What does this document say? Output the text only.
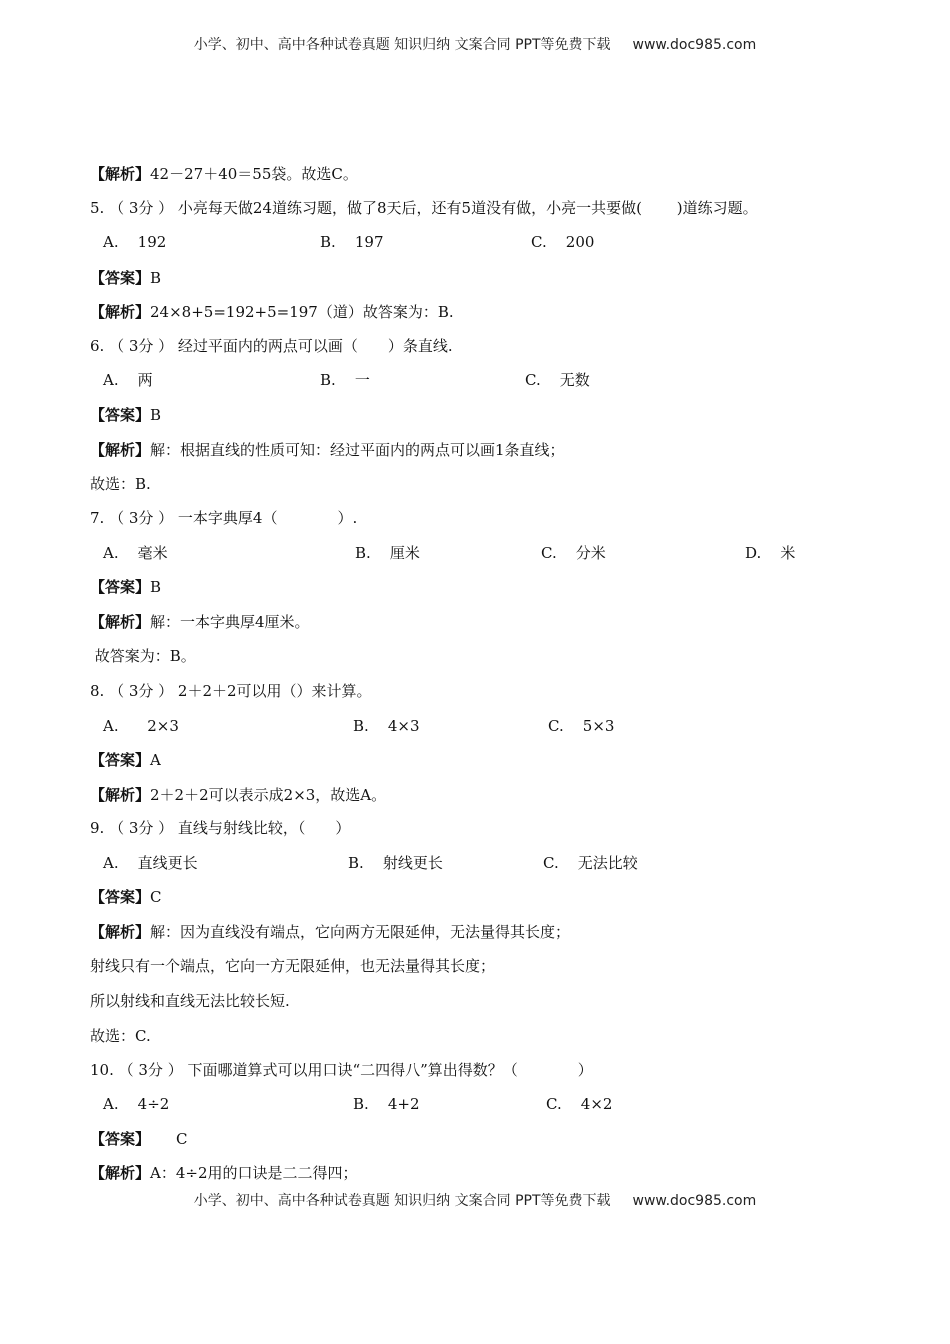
小学、初中、高中各种试卷真题 知识归纳 文案合同 PPT等免费下载 www.doc985.com
【解析】42－27＋40＝55袋。故选C。
5. （ 3分 ） 小亮每天做24道练习题，做了8天后，还有5道没有做，小亮一共要做(　　 )道练习题。
A.    192	B.    197	C.    200
【答案】B
【解析】24×8+5=192+5=197（道）故答案为：B.
6. （ 3分 ） 经过平面内的两点可以画（　　）条直线.
A.    两	B.    一	C.    无数
【答案】B
【解析】解：根据直线的性质可知：经过平面内的两点可以画1条直线；
故选：B.
7. （ 3分 ） 一本字典厚4（　　　　）.
A.    毫米	B.    厘米	C.    分米	D.    米
【答案】B
【解析】解：一本字典厚4厘米。
故答案为：B。
8. （ 3分 ） 2＋2＋2可以用（）来计算。
A.      2×3	B.    4×3	C.    5×3
【答案】A
【解析】2＋2＋2可以表示成2×3，故选A。
9. （ 3分 ） 直线与射线比较，（　　）
A.    直线更长	B.    射线更长	C.    无法比较
【答案】C
【解析】解：因为直线没有端点，它向两方无限延伸，无法量得其长度；
射线只有一个端点，它向一方无限延伸，也无法量得其长度；
所以射线和直线无法比较长短.
故选：C.
10. （ 3分 ） 下面哪道算式可以用口诀“二四得八”算出得数？（　　　　）
A.    4÷2	B.    4+2	C.    4×2
【答案】 C
【解析】A：4÷2用的口诀是二二得四；
小学、初中、高中各种试卷真题 知识归纳 文案合同 PPT等免费下载 www.doc985.com
